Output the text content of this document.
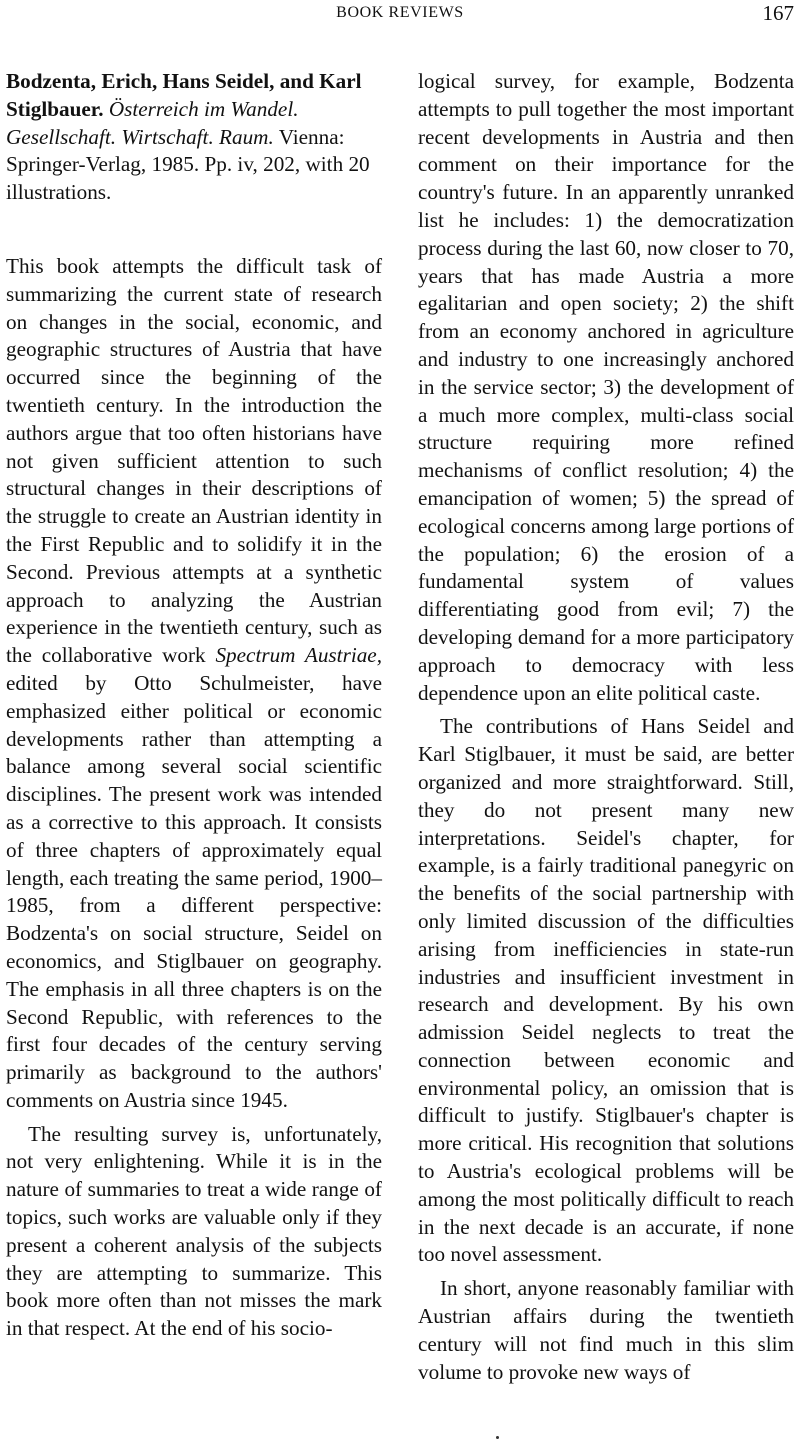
BOOK REVIEWS	167
Bodzenta, Erich, Hans Seidel, and Karl Stiglbauer. Österreich im Wandel. Gesellschaft. Wirtschaft. Raum. Vienna: Springer-Verlag, 1985. Pp. iv, 202, with 20 illustrations.

This book attempts the difficult task of summarizing the current state of research on changes in the social, economic, and geographic structures of Austria that have occurred since the beginning of the twentieth century. In the introduction the authors argue that too often historians have not given sufficient attention to such structural changes in their descriptions of the struggle to create an Austrian identity in the First Republic and to solidify it in the Second. Previous attempts at a synthetic approach to analyzing the Austrian experience in the twentieth century, such as the collaborative work Spectrum Austriae, edited by Otto Schulmeister, have emphasized either political or economic developments rather than attempting a balance among several social scientific disciplines. The present work was intended as a corrective to this approach. It consists of three chapters of approximately equal length, each treating the same period, 1900–1985, from a different perspective: Bodzenta's on social structure, Seidel on economics, and Stiglbauer on geography. The emphasis in all three chapters is on the Second Republic, with references to the first four decades of the century serving primarily as background to the authors' comments on Austria since 1945.

The resulting survey is, unfortunately, not very enlightening. While it is in the nature of summaries to treat a wide range of topics, such works are valuable only if they present a coherent analysis of the subjects they are attempting to summarize. This book more often than not misses the mark in that respect. At the end of his socio-

logical survey, for example, Bodzenta attempts to pull together the most important recent developments in Austria and then comment on their importance for the country's future. In an apparently unranked list he includes: 1) the democratization process during the last 60, now closer to 70, years that has made Austria a more egalitarian and open society; 2) the shift from an economy anchored in agriculture and industry to one increasingly anchored in the service sector; 3) the development of a much more complex, multi-class social structure requiring more refined mechanisms of conflict resolution; 4) the emancipation of women; 5) the spread of ecological concerns among large portions of the population; 6) the erosion of a fundamental system of values differentiating good from evil; 7) the developing demand for a more participatory approach to democracy with less dependence upon an elite political caste.

The contributions of Hans Seidel and Karl Stiglbauer, it must be said, are better organized and more straightforward. Still, they do not present many new interpretations. Seidel's chapter, for example, is a fairly traditional panegyric on the benefits of the social partnership with only limited discussion of the difficulties arising from inefficiencies in state-run industries and insufficient investment in research and development. By his own admission Seidel neglects to treat the connection between economic and environmental policy, an omission that is difficult to justify. Stiglbauer's chapter is more critical. His recognition that solutions to Austria's ecological problems will be among the most politically difficult to reach in the next decade is an accurate, if none too novel assessment.

In short, anyone reasonably familiar with Austrian affairs during the twentieth century will not find much in this slim volume to provoke new ways of
